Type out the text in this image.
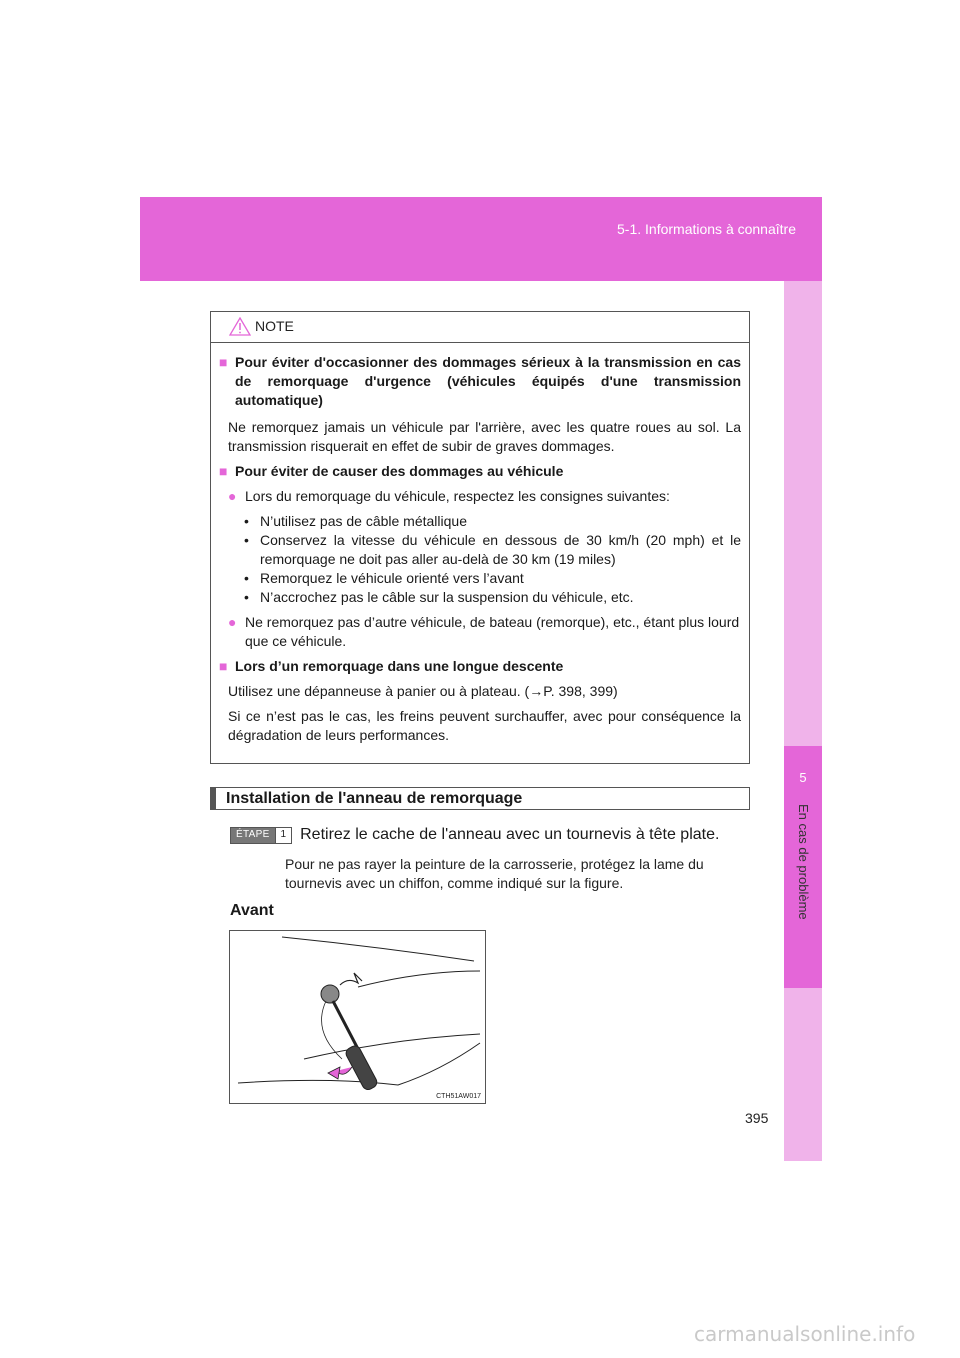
5-1. Informations à connaître
5
En cas de problème
NOTE
■ Pour éviter d'occasionner des dommages sérieux à la transmission en cas de remorquage d'urgence (véhicules équipés d'une transmission automatique)

Ne remorquez jamais un véhicule par l'arrière, avec les quatre roues au sol. La transmission risquerait en effet de subir de graves dommages.

■ Pour éviter de causer des dommages au véhicule
● Lors du remorquage du véhicule, respectez les consignes suivantes:
• N’utilisez pas de câble métallique
• Conservez la vitesse du véhicule en dessous de 30 km/h (20 mph) et le remorquage ne doit pas aller au-delà de 30 km (19 miles)
• Remorquez le véhicule orienté vers l’avant
• N’accrochez pas le câble sur la suspension du véhicule, etc.
● Ne remorquez pas d’autre véhicule, de bateau (remorque), etc., étant plus lourd que ce véhicule.
■ Lors d’un remorquage dans une longue descente

Utilisez une dépanneuse à panier ou à plateau. (→P. 398, 399)

Si ce n’est pas le cas, les freins peuvent surchauffer, avec pour conséquence la dégradation de leurs performances.

Installation de l'anneau de remorquage
ÉTAPE	1 Retirez le cache de l'anneau avec un tournevis à tête plate.

Pour ne pas rayer la peinture de la carrosserie, protégez la lame du tournevis avec un chiffon, comme indiqué sur la figure.

Avant
CTH51AW017
395
carmanualsonline.info
